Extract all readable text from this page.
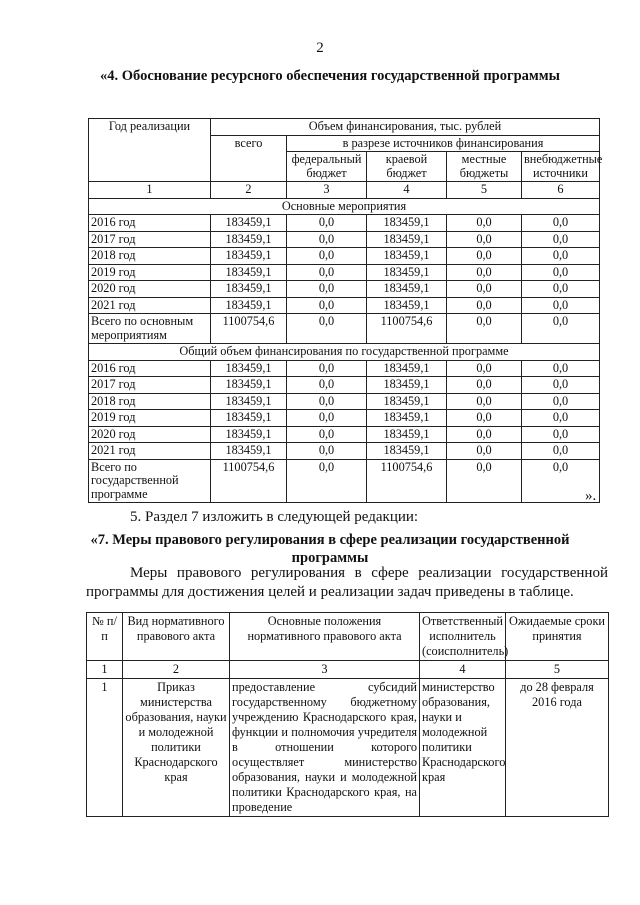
2
«4. Обоснование ресурсного обеспечения государственной программы
Год реализации	Объем финансирования, тыс. рублей				
	всего	в разрезе источников финансирования			
		федеральный бюджет	краевой бюджет	местные бюджеты	внебюджетные источники
1	2	3	4	5	6
Основные мероприятия					
2016 год	183459,1	0,0	183459,1	0,0	0,0
2017 год	183459,1	0,0	183459,1	0,0	0,0
2018 год	183459,1	0,0	183459,1	0,0	0,0
2019 год	183459,1	0,0	183459,1	0,0	0,0
2020 год	183459,1	0,0	183459,1	0,0	0,0
2021 год	183459,1	0,0	183459,1	0,0	0,0
Всего по основным мероприятиям	1100754,6	0,0	1100754,6	0,0	0,0
Общий объем финансирования по государственной программе					
2016 год	183459,1	0,0	183459,1	0,0	0,0
2017 год	183459,1	0,0	183459,1	0,0	0,0
2018 год	183459,1	0,0	183459,1	0,0	0,0
2019 год	183459,1	0,0	183459,1	0,0	0,0
2020 год	183459,1	0,0	183459,1	0,0	0,0
2021 год	183459,1	0,0	183459,1	0,0	0,0
Всего по государственной программе	1100754,6	0,0	1100754,6	0,0	0,0
».
5. Раздел 7 изложить в следующей редакции:
«7. Меры правового регулирования в сфере реализации государственной программы
Меры правового регулирования в сфере реализации государственной программы для достижения целей и реализации задач приведены в таблице.
№ п/п	Вид нормативного правового акта	Основные положения нормативного правового акта	Ответственный исполнитель (соисполнитель)	Ожидаемые сроки принятия
1	2	3	4	5
1	Приказ министерства образования, науки и молодежной политики Краснодарского края	предоставление субсидий государственному бюджетному учреждению Краснодарского края, функции и полномочия учредителя в отношении которого осуществляет министерство образования, науки и молодежной политики Краснодарского края, на проведение	министерство образования, науки и молодежной политики Краснодарского края	до 28 февраля 2016 года
